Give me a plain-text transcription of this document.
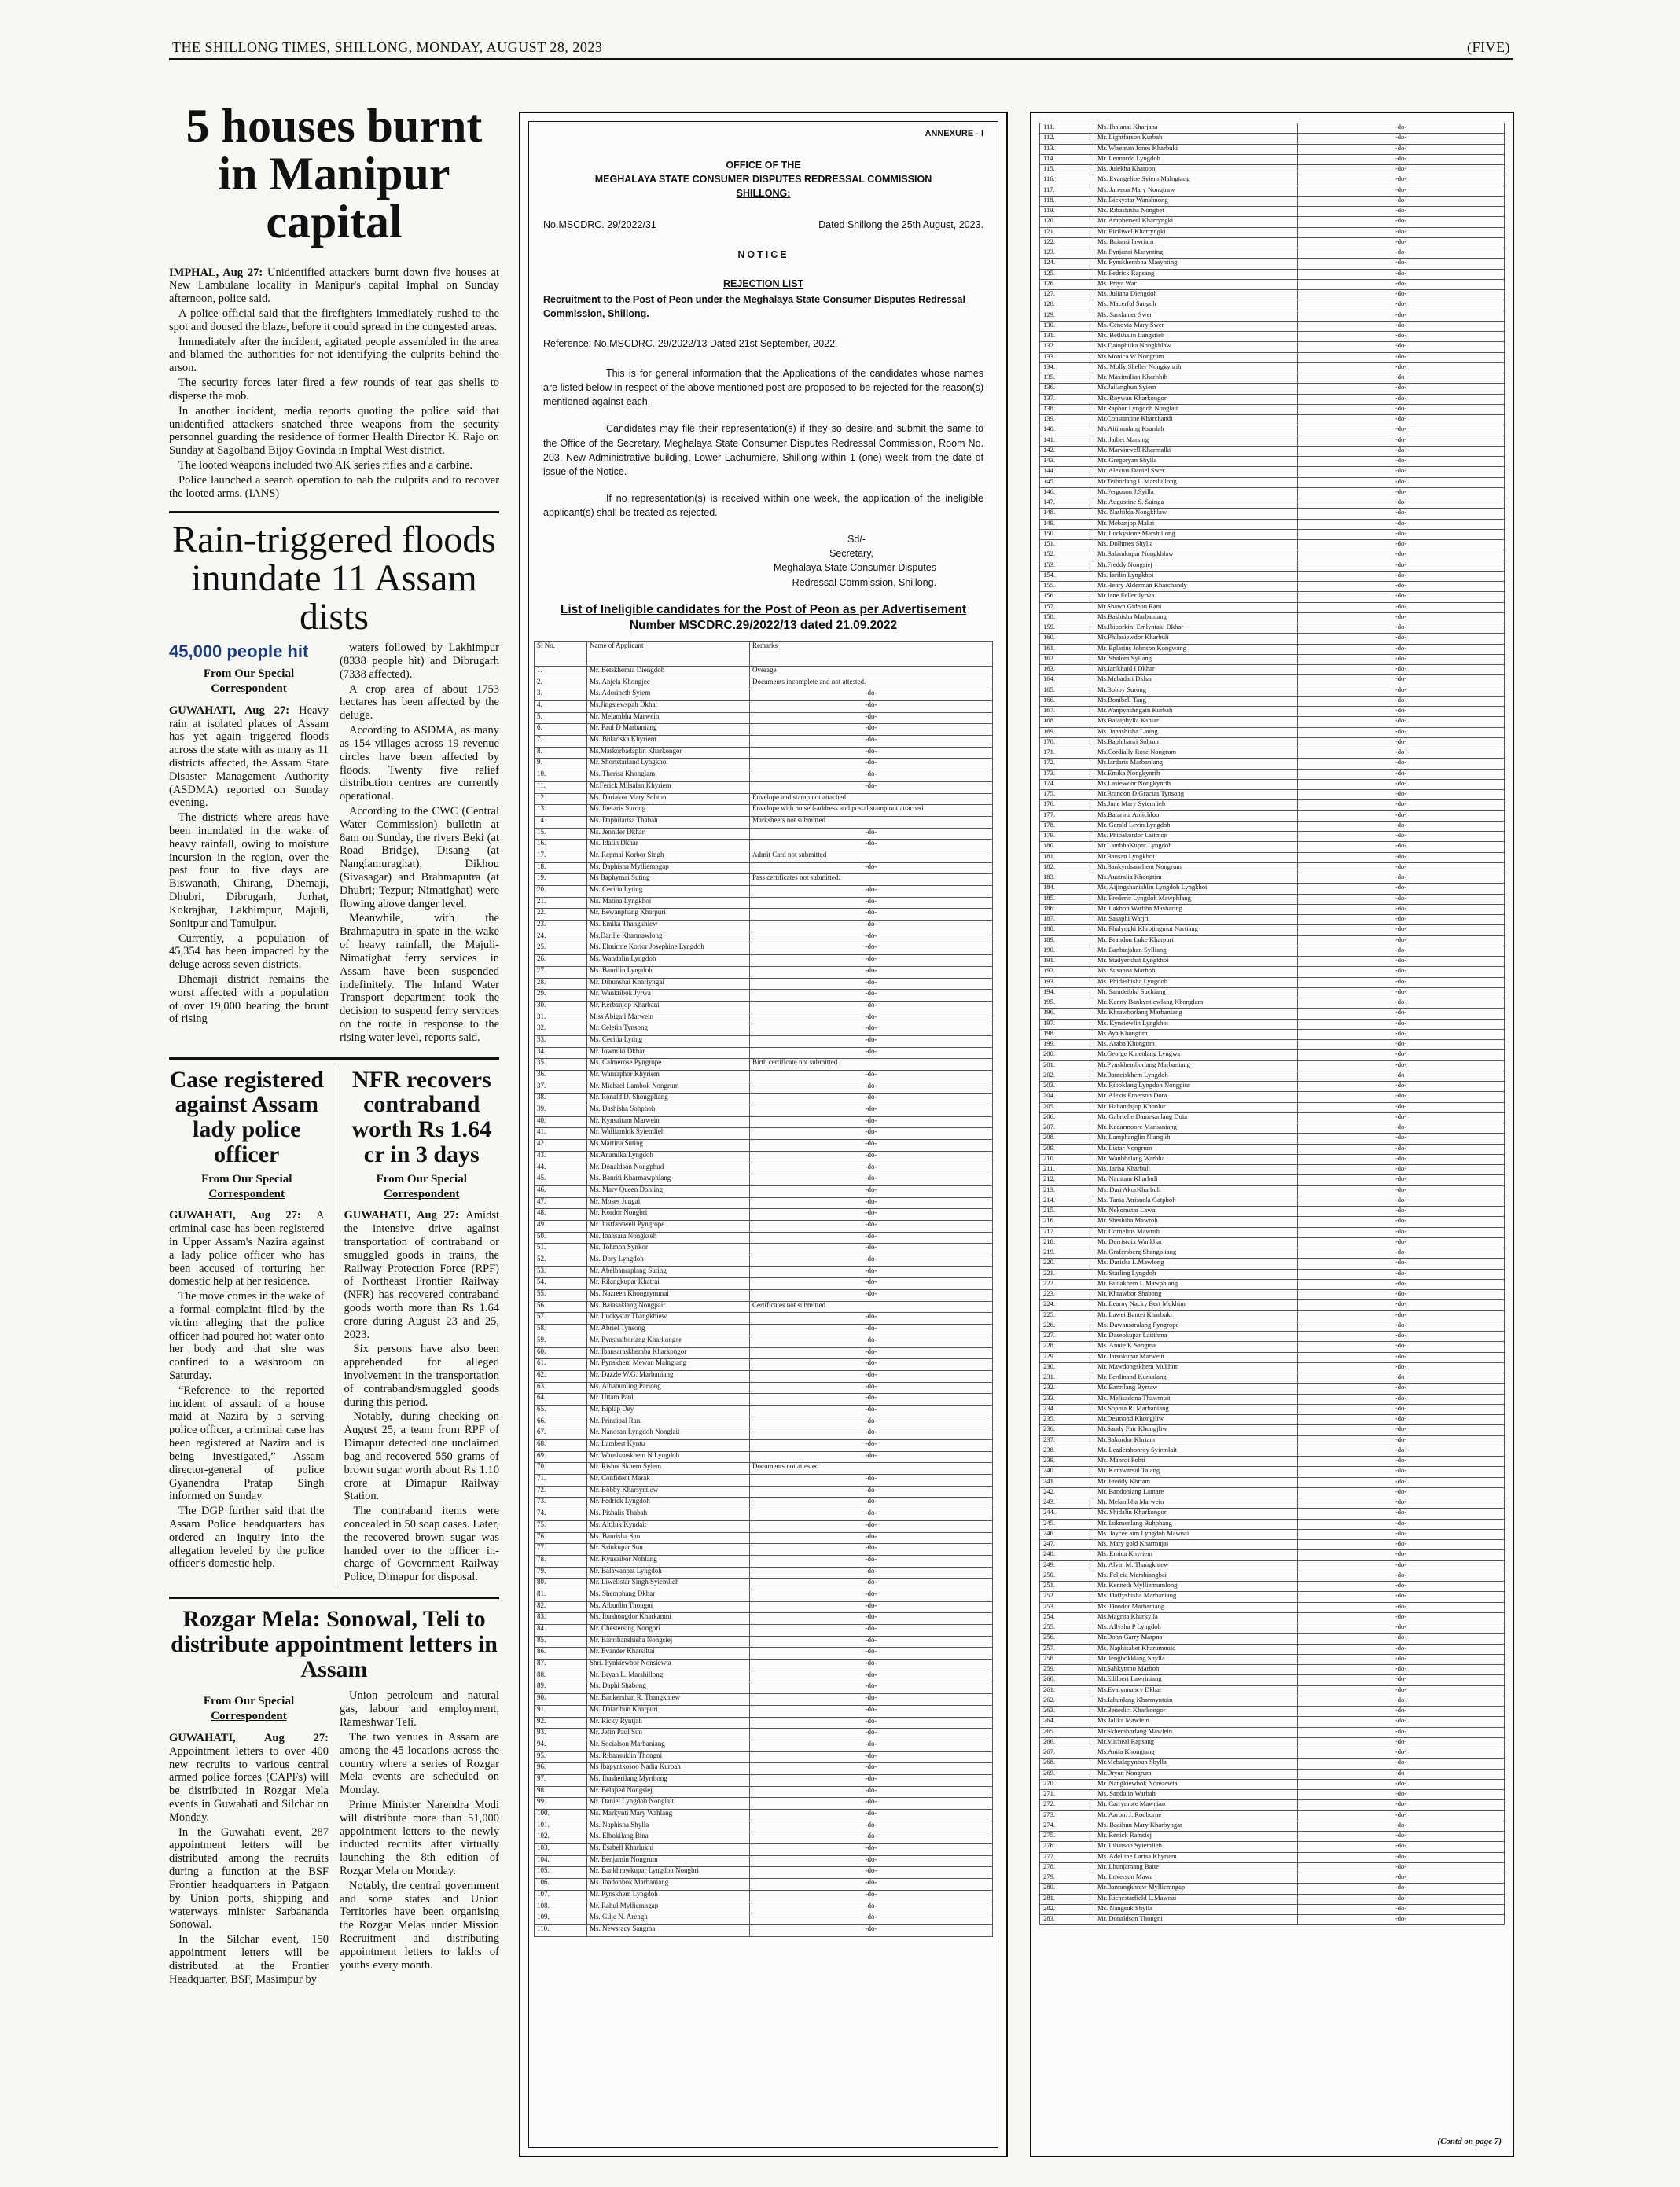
THE SHILLONG TIMES, SHILLONG, MONDAY, AUGUST 28, 2023	(FIVE)
5 houses burnt in Manipur capital

IMPHAL, Aug 27: Unidentified attackers burnt down five houses at New Lambulane locality in Manipur's capital Imphal on Sunday afternoon, police said.

A police official said that the firefighters immediately rushed to the spot and doused the blaze, before it could spread in the congested areas.

Immediately after the incident, agitated people assembled in the area and blamed the authorities for not identifying the culprits behind the arson.

The security forces later fired a few rounds of tear gas shells to disperse the mob.

In another incident, media reports quoting the police said that unidentified attackers snatched three weapons from the security personnel guarding the residence of former Health Director K. Rajo on Sunday at Sagolband Bijoy Govinda in Imphal West district.

The looted weapons included two AK series rifles and a carbine.

Police launched a search operation to nab the culprits and to recover the looted arms. (IANS)

Rain-triggered floods inundate 11 Assam dists
45,000 people hit
From Our Special
Correspondent

GUWAHATI, Aug 27: Heavy rain at isolated places of Assam has yet again triggered floods across the state with as many as 11 districts affected, the Assam State Disaster Management Authority (ASDMA) reported on Sunday evening.

The districts where areas have been inundated in the wake of heavy rainfall, owing to moisture incursion in the region, over the past four to five days are Biswanath, Chirang, Dhemaji, Dhubri, Dibrugarh, Jorhat, Kokrajhar, Lakhimpur, Majuli, Sonitpur and Tamulpur.

Currently, a population of 45,354 has been impacted by the deluge across seven districts.

Dhemaji district remains the worst affected with a population of over 19,000 bearing the brunt of rising

waters followed by Lakhimpur (8338 people hit) and Dibrugarh (7338 affected).

A crop area of about 1753 hectares has been affected by the deluge.

According to ASDMA, as many as 154 villages across 19 revenue circles have been affected by floods. Twenty five relief distribution centres are currently operational.

According to the CWC (Central Water Commission) bulletin at 8am on Sunday, the rivers Beki (at Road Bridge), Disang (at Nanglamuraghat), Dikhou (Sivasagar) and Brahmaputra (at Dhubri; Tezpur; Nimatighat) were flowing above danger level.

Meanwhile, with the Brahmaputra in spate in the wake of heavy rainfall, the Majuli-Nimatighat ferry services in Assam have been suspended indefinitely. The Inland Water Transport department took the decision to suspend ferry services on the route in response to the rising water level, reports said.

Case registered against Assam lady police officer
From Our Special
Correspondent

GUWAHATI, Aug 27: A criminal case has been registered in Upper Assam's Nazira against a lady police officer who has been accused of torturing her domestic help at her residence.

The move comes in the wake of a formal complaint filed by the victim alleging that the police officer had poured hot water onto her body and that she was confined to a washroom on Saturday.

“Reference to the reported incident of assault of a house maid at Nazira by a serving police officer, a criminal case has been registered at Nazira and is being investigated,” Assam director-general of police Gyanendra Pratap Singh informed on Sunday.

The DGP further said that the Assam Police headquarters has ordered an inquiry into the allegation leveled by the police officer's domestic help.

NFR recovers contraband worth Rs 1.64 cr in 3 days
From Our Special
Correspondent

GUWAHATI, Aug 27: Amidst the intensive drive against transportation of contraband or smuggled goods in trains, the Railway Protection Force (RPF) of Northeast Frontier Railway (NFR) has recovered contraband goods worth more than Rs 1.64 crore during August 23 and 25, 2023.

Six persons have also been apprehended for alleged involvement in the transportation of contraband/smuggled goods during this period.

Notably, during checking on August 25, a team from RPF of Dimapur detected one unclaimed bag and recovered 550 grams of brown sugar worth about Rs 1.10 crore at Dimapur Railway Station.

The contraband items were concealed in 50 soap cases. Later, the recovered brown sugar was handed over to the officer in-charge of Government Railway Police, Dimapur for disposal.

Rozgar Mela: Sonowal, Teli to distribute appointment letters in Assam
From Our Special
Correspondent

GUWAHATI, Aug 27: Appointment letters to over 400 new recruits to various central armed police forces (CAPFs) will be distributed in Rozgar Mela events in Guwahati and Silchar on Monday.

In the Guwahati event, 287 appointment letters will be distributed among the recruits during a function at the BSF Frontier headquarters in Patgaon by Union ports, shipping and waterways minister Sarbananda Sonowal.

In the Silchar event, 150 appointment letters will be distributed at the Frontier Headquarter, BSF, Masimpur by

Union petroleum and natural gas, labour and employment, Rameshwar Teli.

The two venues in Assam are among the 45 locations across the country where a series of Rozgar Mela events are scheduled on Monday.

Prime Minister Narendra Modi will distribute more than 51,000 appointment letters to the newly inducted recruits after virtually launching the 8th edition of Rozgar Mela on Monday.

Notably, the central government and some states and Union Territories have been organising the Rozgar Melas under Mission Recruitment and distributing appointment letters to lakhs of youths every month.

ANNEXURE - I
OFFICE OF THE
MEGHALAYA STATE CONSUMER DISPUTES REDRESSAL COMMISSION
SHILLONG:
No.MSCDRC. 29/2022/31	Dated Shillong the 25th August, 2023.
NOTICE
REJECTION LIST
Recruitment to the Post of Peon under the Meghalaya State Consumer Disputes Redressal Commission, Shillong.
Reference: No.MSCDRC. 29/2022/13 Dated 21st September, 2022.

This is for general information that the Applications of the candidates whose names are listed below in respect of the above mentioned post are proposed to be rejected for the reason(s) mentioned against each.

Candidates may file their representation(s) if they so desire and submit the same to the Office of the Secretary, Meghalaya State Consumer Disputes Redressal Commission, Room No. 203, New Administrative building, Lower Lachumiere, Shillong within 1 (one) week from the date of issue of the Notice.

If no representation(s) is received within one week, the application of the ineligible applicant(s) shall be treated as rejected.

Sd/-
Secretary,
Meghalaya State Consumer Disputes
Redressal Commission, Shillong.
List of Ineligible candidates for the Post of Peon as per Advertisement Number MSCDRC.29/2022/13 dated 21.09.2022
Sl No.	Name of Applicant	Remarks
1.	Mr. Betskhemia Diengdoh	Overage
2.	Ms. Anjela Khongjee	Documents incomplete and not attested.
3.	Ms. Adorineth Syiem	-do-
4.	Ms.Jingsiewspah Dkhar	-do-
5.	Mr. Melambha Marwein	-do-
6.	Mr. Paul D Marbaniang	-do-
7.	Ms. Bulariska Khyriem	-do-
8.	Ms.Markorbadaplin Kharkongor	-do-
9.	Mr. Shortstarland Lyngkhoi	-do-
10.	Ms. Therisa Khonglam	-do-
11.	Mr.Ferick Milsalan Khyriem	-do-
12.	Ms. Dariakor Mary Sohtun	Envelope and stamp not attached.
13.	Ms. Ibelaris Surong	Envelope with no self-address and postal stamp not attached
14.	Ms. Daphilarisa Thabah	Marksheets not submitted
15.	Ms. Jennifer Dkhar	-do-
16.	Ms. Idalin Dkhar	-do-
17.	Mr. Repmai Korbor Singh	Admit Card not submitted
18.	Ms. Daphisha Mylliemngap	-do-
19.	Ms Baphymai Suting	Pass certificates not submitted.
20.	Ms. Cecilia Lyting	-do-
21.	Ms. Matina Lyngkhoi	-do-
22.	Mr. Bewanphang Kharpuri	-do-
23.	Ms. Emika Thangkhiew	-do-
24.	Ms.Darilie Kharmawlong	-do-
25.	Ms. Elmirme Korior Josephine Lyngdoh	-do-
26.	Ms. Wandalin Lyngdoh	-do-
27.	Ms. Banrilin Lyngdoh	-do-
28.	Mr. Dihunshai Kharlyngai	-do-
29.	Mr. Wanktibok Jyrwa	-do-
30.	Mr. Kerbanjop Kharbani	-do-
31.	Miss Abigail Marwein	-do-
32.	Mr. Celetin Tynsong	-do-
33.	Ms. Cecilia Lyting	-do-
34.	Mr. Iowmiki Dkhar	-do-
35.	Ms. Calmerose Pyngrope	Birth certificate not submitted
36.	Mr. Wanraphor Khyriem	-do-
37.	Mr. Michael Lambok Nongrum	-do-
38.	Mr. Ronald D. Shongpliang	-do-
39.	Ms. Dashisha Sohphoh	-do-
40.	Mr. Kynsaitam Marwein	-do-
41.	Mr. Walliamlok Syiemlieh	-do-
42.	Ms.Martina Suting	-do-
43.	Ms.Anamika Lyngdoh	-do-
44.	Mr. Donaldson Nongphud	-do-
45.	Ms. Banriti Kharmawphlang	-do-
46.	Ms. Mary Queen Dohling	-do-
47.	Mr. Moses Jungai	-do-
48.	Mr. Kordor Nongbri	-do-
49.	Mr. Justfarewell Pyngrope	-do-
50.	Ms. Ibansara Nongkseh	-do-
51.	Ms. Tohmon Synkor	-do-
52.	Ms. Dory Lyngdoh	-do-
53.	Mr. Abelbanraplang Suting	-do-
54.	Mr. Rilangkupar Khatrai	-do-
55.	Ms. Nazreen Khongrymmai	-do-
56.	Ms. Baiasaklang Nongpair	Certificates not submitted
57.	Mr. Luckystar Thangkhiew	-do-
58.	Mr. Abriel Tynsong	-do-
59.	Mr. Pynshaiborlang Kharkongor	-do-
60.	Mr. Ibansaraskhemba Kharkongor	-do-
61.	Mr. Pynskhem Mewan Malngiang	-do-
62.	Mr. Dazzle W.G. Marbaniang	-do-
63.	Ms. Aibabunling Pariong	-do-
64.	Mr. Uttam Paul	-do-
65.	Mr. Biplap Dey	-do-
66.	Mr. Principal Rani	-do-
67.	Mr. Nanosan Lyngdoh Nonglait	-do-
68.	Mr. Lambert Kyntu	-do-
69.	Mr. Wanshanskhem N Lyngdoh	-do-
70.	Mr. Rishot Skhem Syiem	Documents not attested
71.	Mr. Confident Marak	-do-
72.	Mr. Bobby Kharsyntiew	-do-
73.	Mr. Fedrick Lyngdoh	-do-
74.	Ms. Pishalis Thabah	-do-
75.	Ms. Aitiluk Kyndait	-do-
76.	Ms. Banrisha Sun	-do-
77.	Mr. Sainkupar Sun	-do-
78.	Mr. Kynsaibor Nohlang	-do-
79.	Mr. Balawanpat Lyngdoh	-do-
80.	Mr. Liwellstar Singh Syiemlieh	-do-
81.	Ms. Shemphang Dkhar	-do-
82.	Ms. Aibunlin Thongni	-do-
83.	Ms. Ibashongdor Kharkamni	-do-
84.	Mr. Chestersing Nongbri	-do-
85.	Mr. Banribanshisha Nongsiej	-do-
86.	Mr. Evander Kharsiltai	-do-
87.	Shri. Pynkiewbor Nonsiewta	-do-
88.	Mr. Bryan L. Marshillong	-do-
89.	Ms. Daphi Shabong	-do-
90.	Mr. Bankershan R. Thangkhiew	-do-
91.	Ms. Daiaribun Kharpuri	-do-
92.	Mr. Ricky Ryntjah	-do-
93.	Mr. Jefin Paul Sun	-do-
94.	Mr. Socialson Marbaniang	-do-
95.	Ms. Ribansuklin Thongni	-do-
96.	Ms Ibapyntkosoo Nadia Kurbah	-do-
97.	Ms. Ibasherilang Myrthong	-do-
98.	Mr. Belajied Nongsiej	-do-
99.	Mr. Daniel Lyngdoh Nonglait	-do-
100.	Ms. Markynti Mary Wahlang	-do-
101.	Ms. Naphisha Shylla	-do-
102.	Ms. Elbokilang Bina	-do-
103.	Ms. Esabell Kharlukhi	-do-
104.	Mr. Benjamin Nongrum	-do-
105.	Mr. Bankhrawkupar Lyngdoh Nongbri	-do-
106.	Ms. Ibadonbok Marbaniang	-do-
107.	Mr. Pynskhem Lyngdoh	-do-
108.	Mr. Rahul Mylliemngap	-do-
109.	Ms. Gilje N. Arengh	-do-
110.	Ms. Newsracy Sangma	-do-
111.	Ms. Ibajanai Kharjana	-do-
112.	Mr. Lightfarson Kurbah	-do-
113.	Mr. Wiseman Jones Kharbuki	-do-
114.	Mr. Leonardo Lyngdoh	-do-
115.	Ms. Julekha Khatoon	-do-
116.	Ms. Evangeline Syiem Malngiang	-do-
117.	Ms. Jareena Mary Nongtraw	-do-
118.	Mr. Bickystar Wanshnong	-do-
119.	Ms. Ribashisha Nongbet	-do-
120.	Mr. Ampherwel Kharryngki	-do-
121.	Mr. Piciliwel Kharryngki	-do-
122.	Ms. Baiansi lawriam	-do-
123.	Mr. Pynjanai Masynting	-do-
124.	Mr. Pynskhembha Masynting	-do-
125.	Mr. Fedrick Rapsang	-do-
126.	Ms. Priya War	-do-
127.	Ms. Juliana Diengdoh	-do-
128.	Ms. Macerful Sangoh	-do-
129.	Ms. Sandamer Swer	-do-
130.	Ms. Cenovia Mary Swer	-do-
131.	Ms. Betlihalin Langstieh	-do-
132.	Ms.Daiophiika Nongkhlaw	-do-
133.	Ms.Monica W Nongrum	-do-
134.	Ms. Molly Sheller Nongkynrih	-do-
135.	Mr. Maximilian Kharbhih	-do-
136.	Ms.Jailanghun Syiem	-do-
137.	Ms. Roywan Kharkongor	-do-
138.	Mr.Raphor Lyngdoh Nonglait	-do-
139.	Mr.Constantine Kharchandi	-do-
140.	Ms.Aitihunlang Ksanlah	-do-
141.	Mr. Jaibet Marsing	-do-
142.	Mr. Marvinwell Kharmalki	-do-
143.	Mr. Gregoryan Shylla	-do-
144.	Mr. Alexius Daniel Swer	-do-
145.	Mr.Teiborlang L.Marshillong	-do-
146.	Mr.Ferguson J.Syilla	-do-
147.	Mr. Augustine S. Suinga	-do-
148.	Ms. Nashilda Nongkhlaw	-do-
149.	Mr. Mebanjop Makri	-do-
150.	Mr. Luckystone Marshillong	-do-
151.	Ms. Dolhmes Shylla	-do-
152.	Mr.Balamkupar Nongkhlaw	-do-
153.	Mr.Freddy Nongsiej	-do-
154.	Ms. Iarilin Lyngkhoi	-do-
155.	Mr.Henry Alderman Kharchandy	-do-
156.	Mr.Jane Feller Jyrwa	-do-
157.	Mr.Shawn Gideon Rani	-do-
158.	Ms.Bashisha Marbaniang	-do-
159.	Ms.Ibiporkini Emlyntaki Dkhar	-do-
160.	Ms.Philasiewdor Kharbuli	-do-
161.	Mr. Eglarius Johnson Kongwang	-do-
162.	Mr. Shalom Syllang	-do-
163.	Ms.Iarikhaid I Dkhar	-do-
164.	Ms.Mebadari Dkhar	-do-
165.	Mr.Bobby Surong	-do-
166.	Ms.Bonibell Tang	-do-
167.	Mr.Wanpynshngain Kurbah	-do-
168.	Ms.Balaiphylla Kshiar	-do-
169.	Ms. Janashisha Lating	-do-
170.	Ms.Baphibanri Sohtun	-do-
171.	Ms.Cordially Rose Nongrum	-do-
172.	Ms.Iardaris Marbaniang	-do-
173.	Ms.Emika Nongkynrih	-do-
174.	Ms.Lasiewdor Nongkynrih	-do-
175.	Mr.Brandon D.Gracias Tynsong	-do-
176.	Ms.Jane Mary Syiemlieh	-do-
177.	Ms.Batarina Amichloo	-do-
178.	Mr. Gerald Levin Lyngdoh	-do-
179.	Ms. Phibakordor Laitmon	-do-
180.	Mr.LambhaKupar Lyngdoh	-do-
181.	Mr.Bansan Lyngkhoi	-do-
182.	Mr.Bankyrdsanchem Nongrum	-do-
183.	Ms.Australia Khongtim	-do-
184.	Ms. Aijingshanishlin Lyngdoh Lyngkhoi	-do-
185.	Mr. Frederic Lyngdoh Mawphlang	-do-
186.	Mr. Lakhon Warbha Masharing	-do-
187.	Mr. Sasaphi Warjri	-do-
188.	Mr. Phalyngki Khrojingmut Nartiang	-do-
189.	Mr. Brandon Luke Kharpuri	-do-
190.	Mr. Banbatjshan Sylliang	-do-
191.	Mr. Stadyerkhat Lyngkhoi	-do-
192.	Ms. Susanna Marboh	-do-
193.	Ms. Phidashisha Lyngdoh	-do-
194.	Mr. Samdeibha Suchiang	-do-
195.	Mr. Kenny Bankyntiewlang Khonglam	-do-
196.	Mr. Khrawborlang Marbaniang	-do-
197.	Ms. Kynsiewlin Lyngkhoi	-do-
198.	Ms.Aya Khongtim	-do-
199.	Ms. Araba Khongtim	-do-
200.	Mr.George Kmenlang Lyngwa	-do-
201.	Mr.Pynskhemborlang Marbaniang	-do-
202.	Mr.Banteiskhem Lyngdoh	-do-
203.	Mr. Riboklang Lyngdoh Nongpiur	-do-
204.	Mr. Alexis Emerson Dora	-do-
205.	Mr. Habandajop Khonlur	-do-
206.	Mr. Gabrielle Damesanlang Duia	-do-
207.	Mr. Kedarmoore Marbaniang	-do-
208.	Mr. Lamphanglin Nianglih	-do-
209.	Mr. Listar Nongrum	-do-
210.	Mr. Wanbhalang Warbha	-do-
211.	Ms. Iarisa Kharbuli	-do-
212.	Mr. Namtam Kharbuli	-do-
213.	Ms. Dari AkorKharbuli	-do-
214.	Ms. Tania Atrisnola Gatphoh	-do-
215.	Mr. Nekomstar Lawai	-do-
216.	Mr. Sheshiba Mawroh	-do-
217.	Mr. Cornelius Mawroh	-do-
218.	Mr. Derristoix Wankhar	-do-
219.	Mr. Grafersberg Shangpliang	-do-
220.	Ms. Darisha L.Mawlong	-do-
221.	Mr. Starling Lyngdoh	-do-
222.	Mr. Budakhem L.Mawphlang	-do-
223.	Mr. Khrawbor Shabong	-do-
224.	Mr. Learny Nacky Bert Mukhim	-do-
225.	Mr. Lawei Bantei Kharbuki	-do-
226.	Ms. Dawansaralang Pyngrope	-do-
227.	Mr. Daseokupar Laitthma	-do-
228.	Ms. Annie K Sangma	-do-
229.	Mr. Jarsukupar Marwein	-do-
230.	Mr. Mawdongskhem Mukhim	-do-
231.	Mr. Ferdinand Kurkalang	-do-
232.	Mr. Banrilang Byrsaw	-do-
233.	Ms. Melisadona Thawmuit	-do-
234.	Ms.Sophia R. Marbaniang	-do-
235.	Mr.Desmond Khongjliw	-do-
236.	Mr.Sandy Fair Khongjliw	-do-
237.	Mr.Bakordor Khriam	-do-
238.	Mr. Leadershonroy Syiemlait	-do-
239.	Ms. Manroi Pohti	-do-
240.	Mr. Kamwarsul Talang	-do-
241.	Mr. Freddy Khriam	-do-
242.	Mr. Bandonlang Lamare	-do-
243.	Mr. Melambha Marwein	-do-
244.	Ms. Shidalin Kharkongor	-do-
245.	Mr. Iaikmenlang Buhphang	-do-
246.	Ms. Jaycee aim Lyngdoh Mawnai	-do-
247.	Ms. Mary gold Kharmujai	-do-
248.	Ms. Emica Khyriem	-do-
249.	Mr. Alvin M. Thangkhiew	-do-
250.	Ms. Felicia Marshiangbai	-do-
251.	Mr. Kenneth Mylliemumlong	-do-
252.	Ms. Daffyshisha Marbaniang	-do-
253.	Ms. Dondor Marbaniang	-do-
254.	Ms.Magrita Kharkylla	-do-
255.	Ms. Allysha P Lyngdoh	-do-
256.	Mr.Donn Garry Marpna	-do-
257.	Ms. Naphisabet Kharumnuid	-do-
258.	Mr. Iengbokklang Shylla	-do-
259.	Mr.Sahkynmo Marboh	-do-
260.	Mr.Edilbert Lawriniang	-do-
261.	Ms.Evalynnancy Dkhar	-do-
262.	Ms.Iahunlang Kharmyntoin	-do-
263.	Mr.Benedict Kharkongor	-do-
264.	Ms.Jalika Mawlein	-do-
265.	Mr.Skhemborlang Mawlein	-do-
266.	Mr.Micheal Rapsang	-do-
267.	Ms.Anita Khongiang	-do-
268.	Mr.Mebalapynbun Shylla	-do-
269.	Mr.Dryan Nongrum	-do-
270.	Mr. Nangkiewbok Nonsiewta	-do-
271.	Ms. Sandalin Warbah	-do-
272.	Mr. Carrymore Mawnian	-do-
273.	Mr. Aaron. J. Rodborne	-do-
274.	Ms. Baaihun Mary Kharbyngar	-do-
275.	Mr. Renick Ramsiej	-do-
276.	Mr. Libarson Syiemlieh	-do-
277.	Ms. Adelline Larisa Khyriem	-do-
278.	Mr. Lhunjamang Baite	-do-
279.	Mr. Loverson Mawa	-do-
280.	Mr.Banrangkhraw Mylliemngap	-do-
281.	Mr. Richestarfield L.Mawnai	-do-
282.	Ms. Nangsuk Shylla	-do-
283.	Mr. Donaldson Thongni	-do-
(Contd on page 7)
